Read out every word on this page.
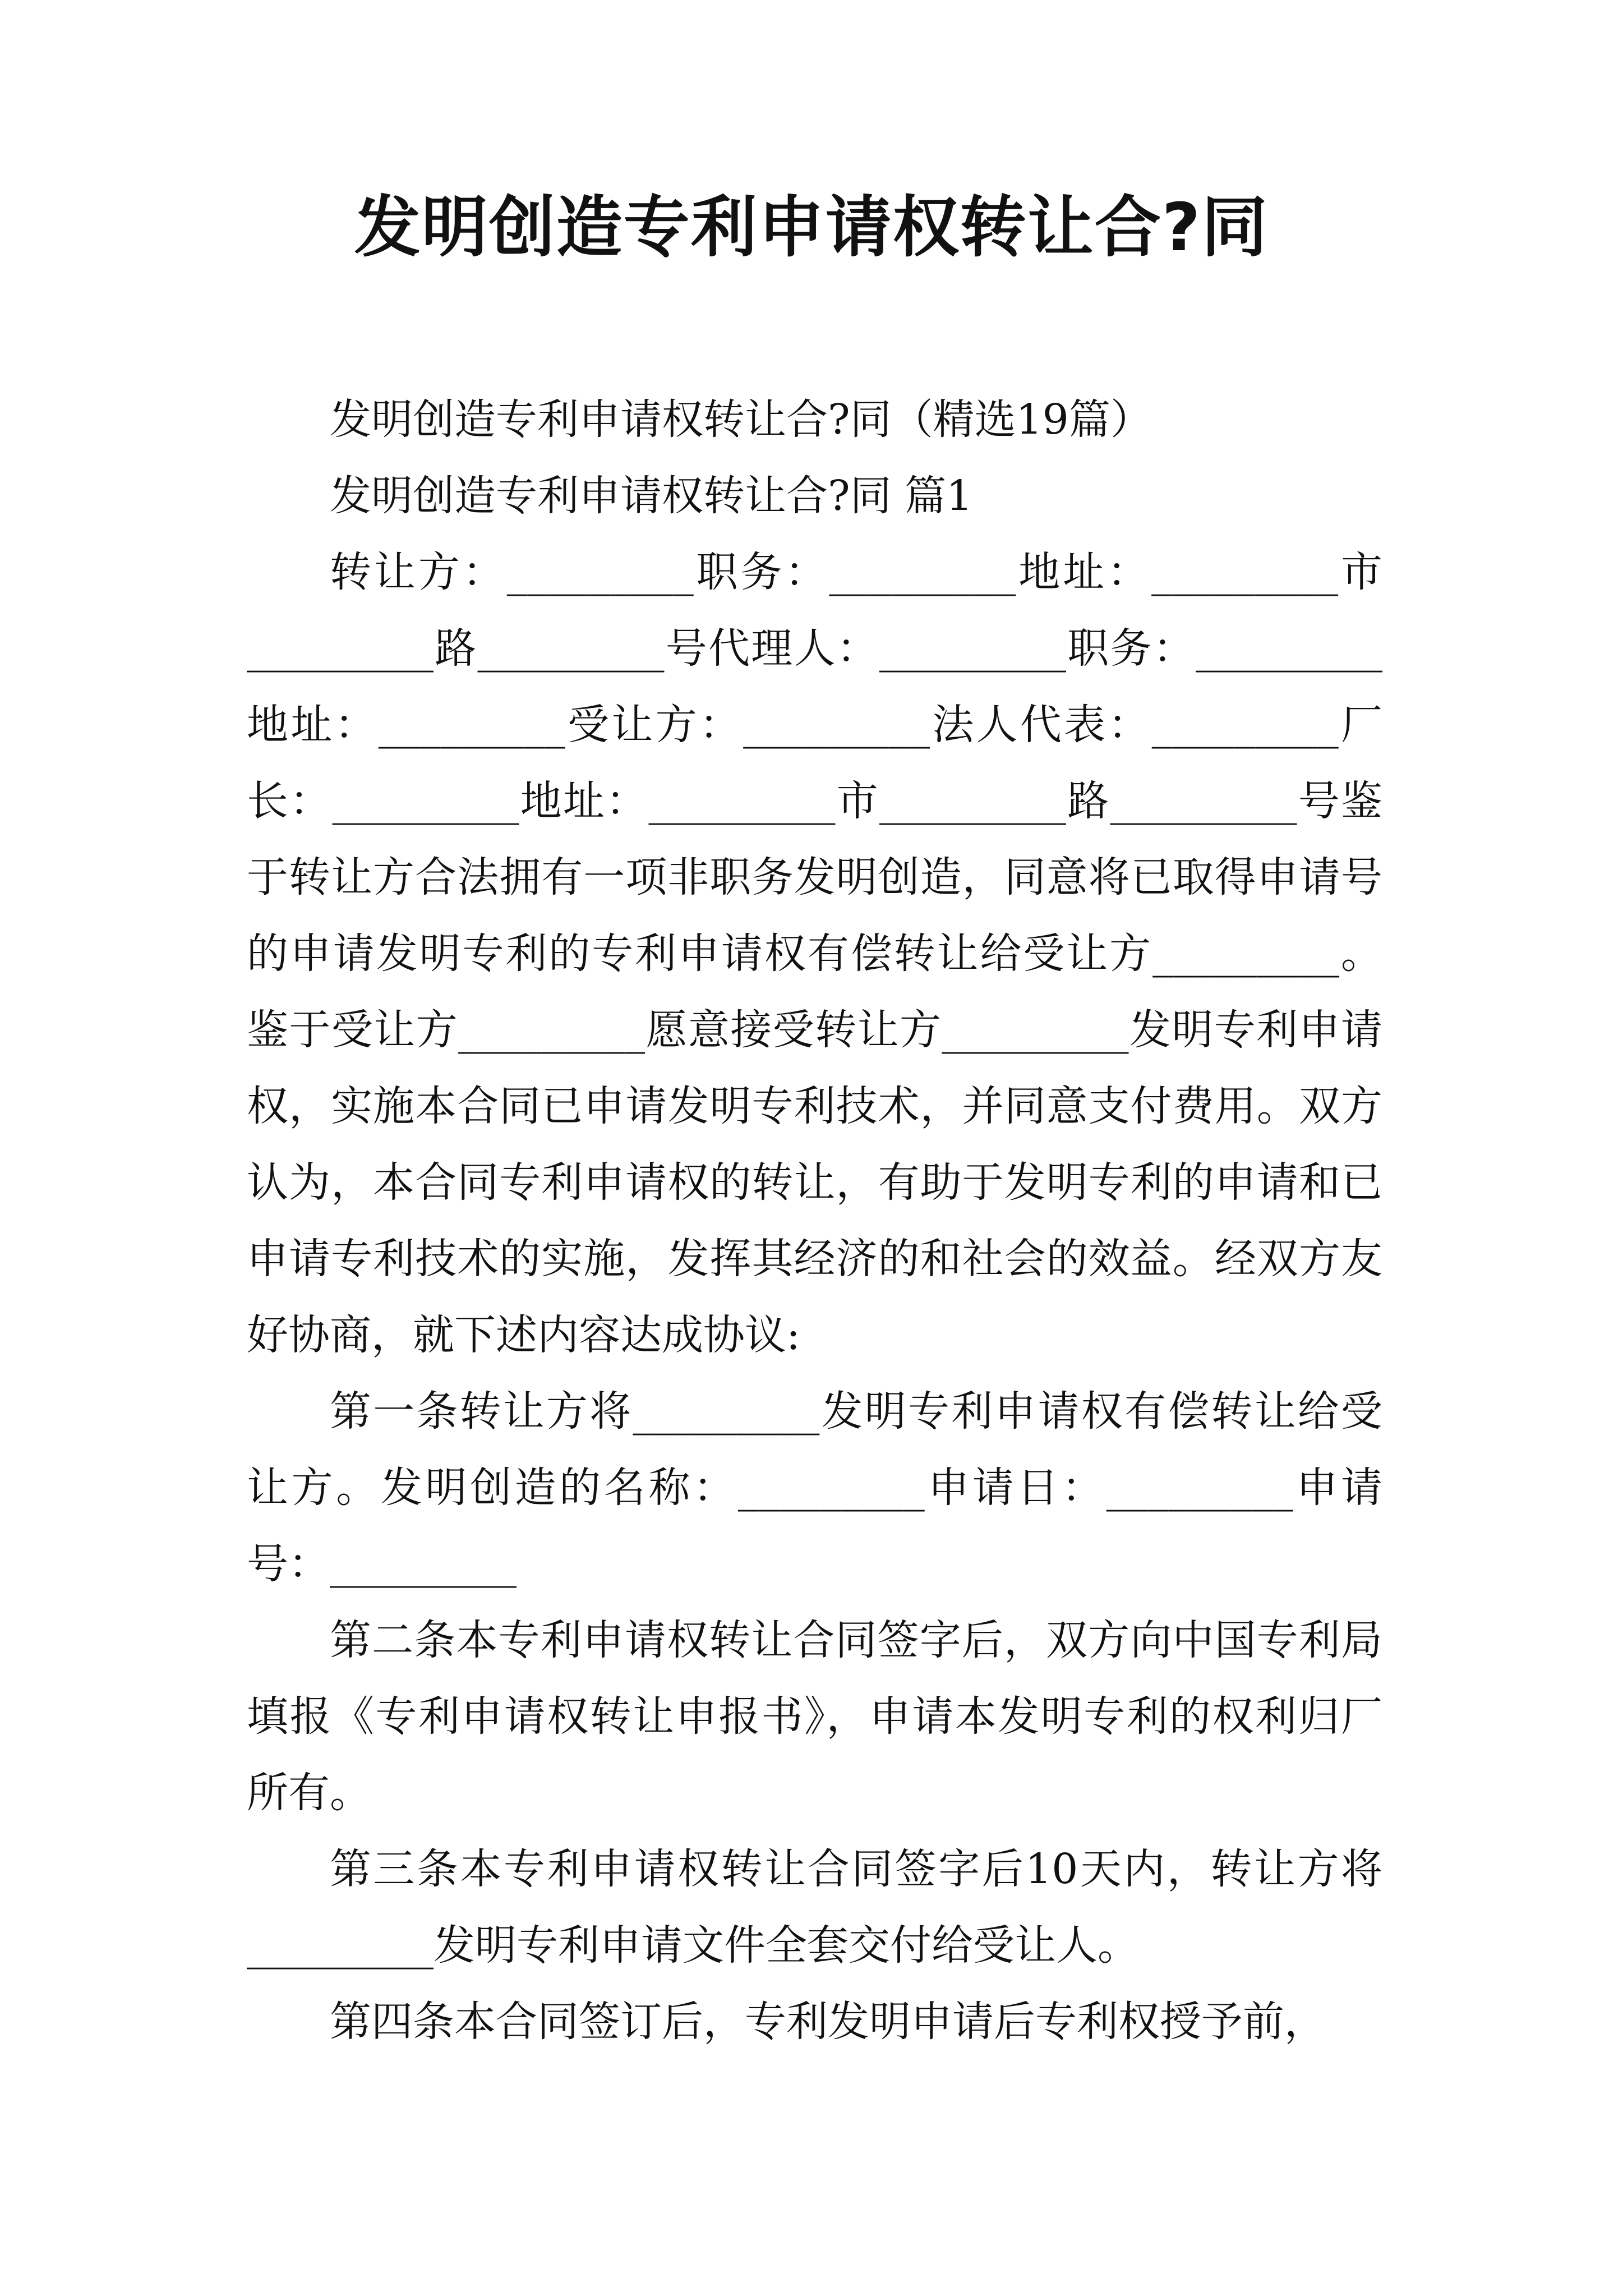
发明创造专利申请权转让合?同

发明创造专利申请权转让合?同（精选19篇）

发明创造专利申请权转让合?同 篇1

转让方：_________职务：_________地址：_________市_________路_________号代理人：_________职务：_________地址：_________受让方：_________法人代表：_________厂长：_________地址：_________市_________路_________号鉴于转让方合法拥有一项非职务发明创造，同意将已取得申请号的申请发明专利的专利申请权有偿转让给受让方_________。鉴于受让方_________愿意接受转让方_________发明专利申请权，实施本合同已申请发明专利技术，并同意支付费用。双方认为，本合同专利申请权的转让，有助于发明专利的申请和已申请专利技术的实施，发挥其经济的和社会的效益。经双方友好协商，就下述内容达成协议:

第一条转让方将_________发明专利申请权有偿转让给受让方。发明创造的名称：_________申请日：_________申请号：_________

第二条本专利申请权转让合同签字后，双方向中国专利局填报《专利申请权转让申报书》，申请本发明专利的权利归厂所有。

第三条本专利申请权转让合同签字后10天内，转让方将_________发明专利申请文件全套交付给受让人。

第四条本合同签订后，专利发明申请后专利权授予前，
